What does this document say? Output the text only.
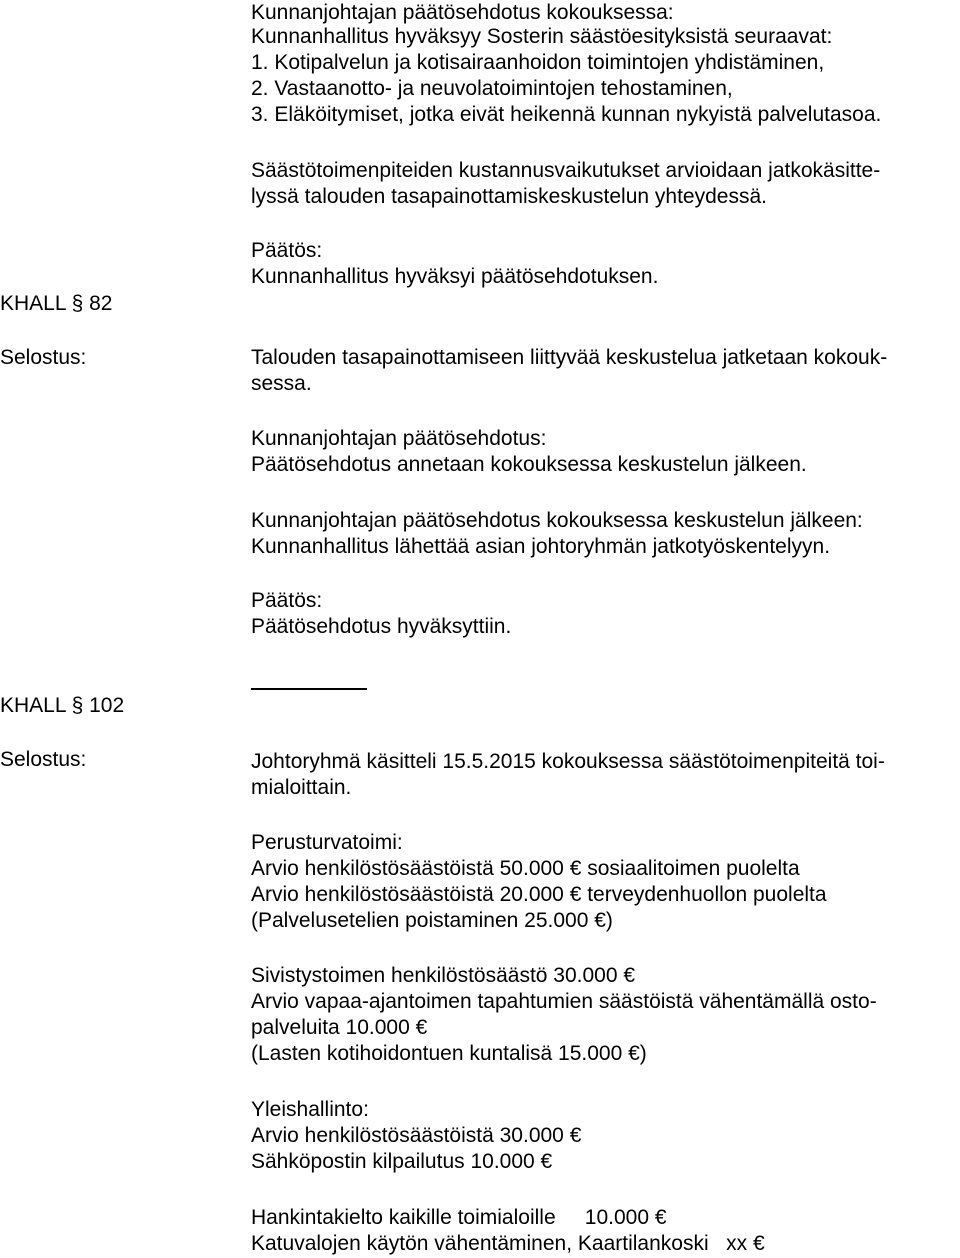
Kunnanjohtajan päätösehdotus kokouksessa:
Kunnanhallitus hyväksyy Sosterin säästöesityksistä seuraavat:
1. Kotipalvelun ja kotisairaanhoidon toimintojen yhdistäminen,
2. Vastaanotto- ja neuvolatoimintojen tehostaminen,
3. Eläköitymiset, jotka eivät heikennä kunnan nykyistä palvelutasoa.
Säästötoimenpiteiden kustannusvaikutukset arvioidaan jatkokäsitte-
lyssä talouden tasapainottamiskeskustelun yhteydessä.
Päätös:
Kunnanhallitus hyväksyi päätösehdotuksen.
KHALL § 82
Selostus:	Talouden tasapainottamiseen liittyvää keskustelua jatketaan kokouk-
sessa.
Kunnanjohtajan päätösehdotus:
Päätösehdotus annetaan kokouksessa keskustelun jälkeen.
Kunnanjohtajan päätösehdotus kokouksessa keskustelun jälkeen:
Kunnanhallitus lähettää asian johtoryhmän jatkotyöskentelyyn.
Päätös:
Päätösehdotus hyväksyttiin.
KHALL § 102
Selostus:	Johtoryhmä käsitteli 15.5.2015 kokouksessa säästötoimenpiteitä toi-
mialoittain.
Perusturvatoimi:
Arvio henkilöstösäästöistä 50.000 € sosiaalitoimen puolelta
Arvio henkilöstösäästöistä 20.000 € terveydenhuollon puolelta
(Palvelusetelien poistaminen 25.000 €)
Sivistystoimen henkilöstösäästö 30.000 €
Arvio vapaa-ajantoimen tapahtumien säästöistä vähentämällä osto-
palveluita 10.000 €
(Lasten kotihoidontuen kuntalisä 15.000 €)
Yleishallinto:
Arvio henkilöstösäästöistä 30.000 €
Sähköpostin kilpailutus 10.000 €
Hankintakielto kaikille toimialoille     10.000 €
Katuvalojen käytön vähentäminen, Kaartilankoski   xx €
